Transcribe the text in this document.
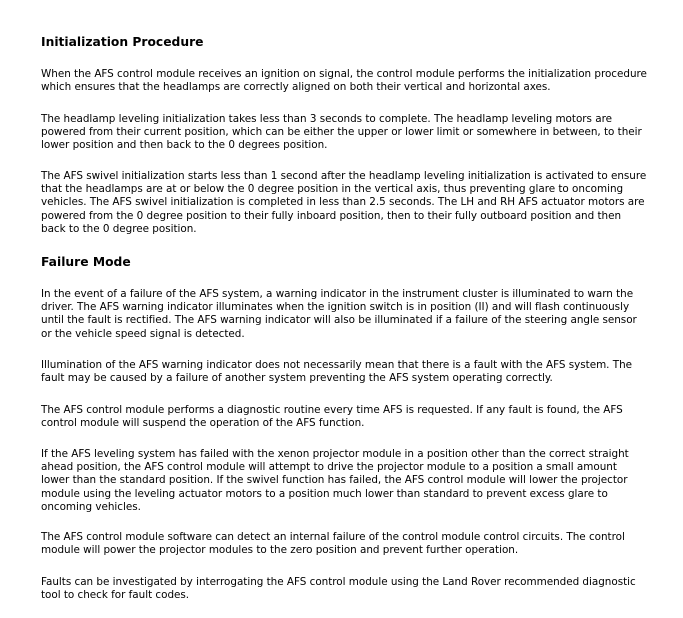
Initialization Procedure

When the AFS control module receives an ignition on signal, the control module performs the initialization procedure which ensures that the headlamps are correctly aligned on both their vertical and horizontal axes.

The headlamp leveling initialization takes less than 3 seconds to complete. The headlamp leveling motors are powered from their current position, which can be either the upper or lower limit or somewhere in between, to their lower position and then back to the 0 degrees position.

The AFS swivel initialization starts less than 1 second after the headlamp leveling initialization is activated to ensure that the headlamps are at or below the 0 degree position in the vertical axis, thus preventing glare to oncoming vehicles. The AFS swivel initialization is completed in less than 2.5 seconds. The LH and RH AFS actuator motors are powered from the 0 degree position to their fully inboard position, then to their fully outboard position and then back to the 0 degree position.

Failure Mode

In the event of a failure of the AFS system, a warning indicator in the instrument cluster is illuminated to warn the driver. The AFS warning indicator illuminates when the ignition switch is in position (II) and will flash continuously until the fault is rectified. The AFS warning indicator will also be illuminated if a failure of the steering angle sensor or the vehicle speed signal is detected.

Illumination of the AFS warning indicator does not necessarily mean that there is a fault with the AFS system. The fault may be caused by a failure of another system preventing the AFS system operating correctly.

The AFS control module performs a diagnostic routine every time AFS is requested. If any fault is found, the AFS control module will suspend the operation of the AFS function.

If the AFS leveling system has failed with the xenon projector module in a position other than the correct straight ahead position, the AFS control module will attempt to drive the projector module to a position a small amount lower than the standard position. If the swivel function has failed, the AFS control module will lower the projector module using the leveling actuator motors to a position much lower than standard to prevent excess glare to oncoming vehicles.

The AFS control module software can detect an internal failure of the control module control circuits. The control module will power the projector modules to the zero position and prevent further operation.

Faults can be investigated by interrogating the AFS control module using the Land Rover recommended diagnostic tool to check for fault codes.
